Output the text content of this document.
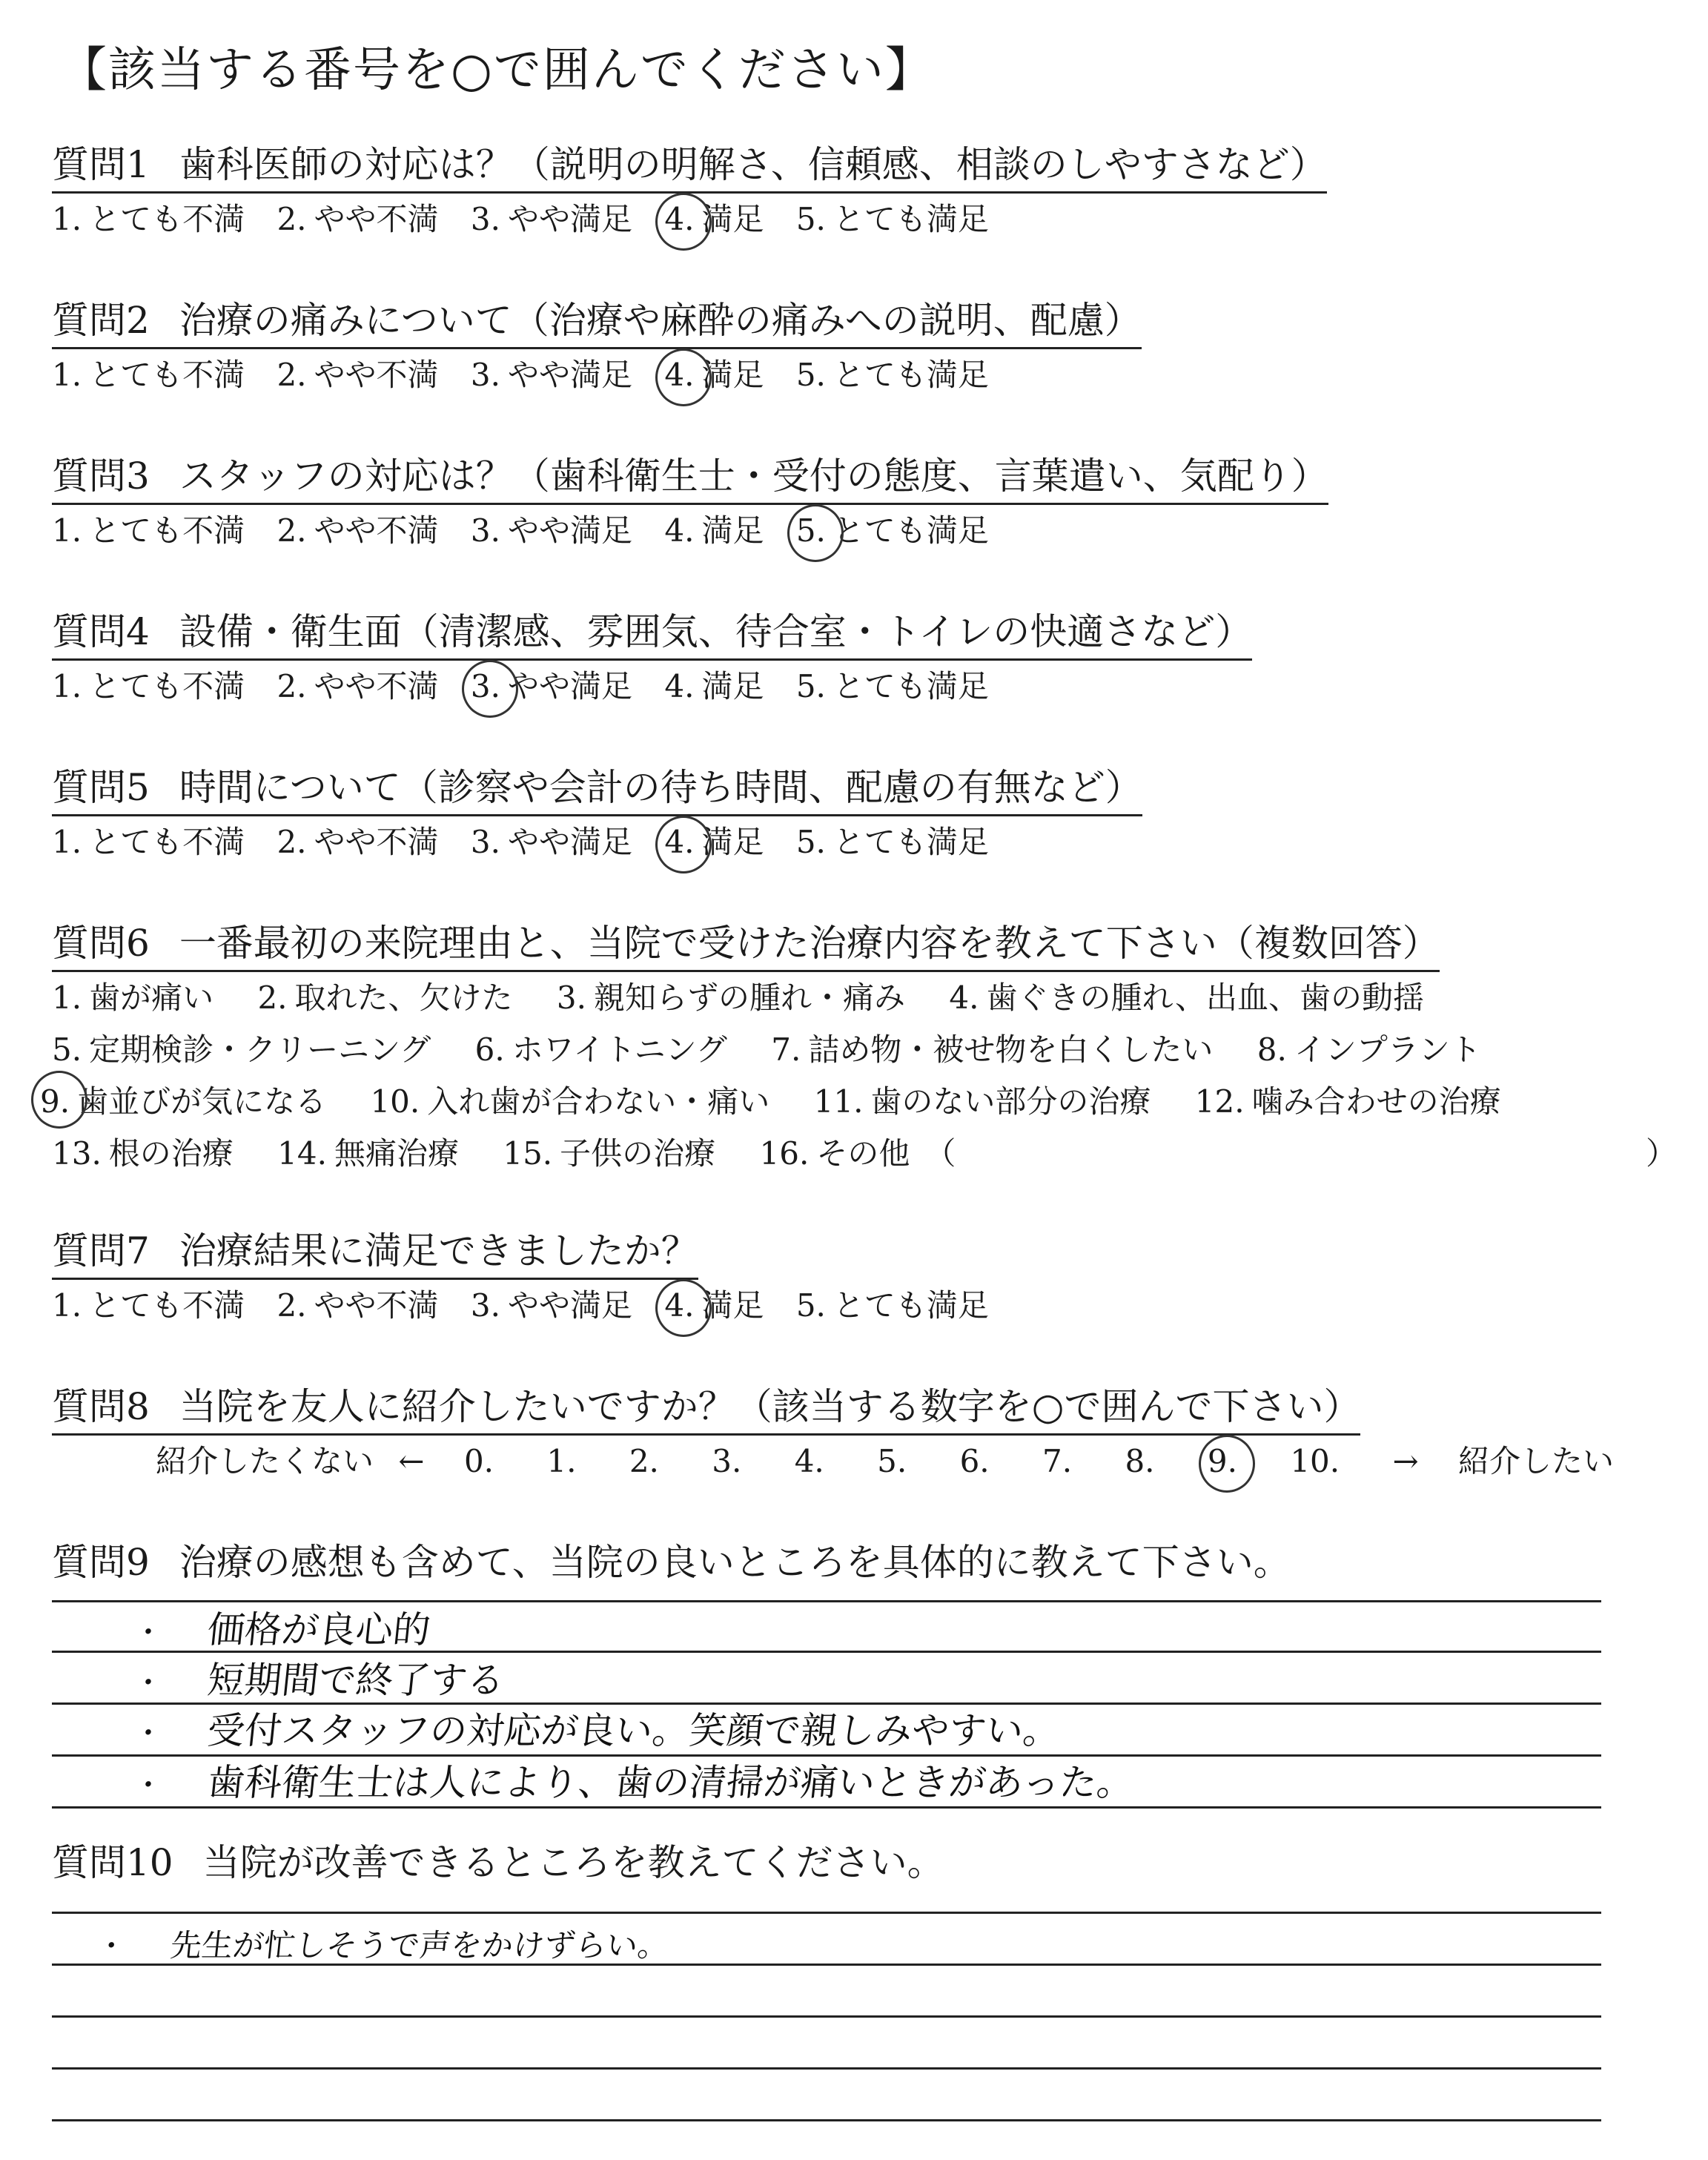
【該当する番号を○で囲んでください】
質問1 歯科医師の対応は？（説明の明解さ、信頼感、相談のしやすさなど）
1. とても不満 2. やや不満 3. やや満足 4. 満足 5. とても満足
質問2 治療の痛みについて（治療や麻酔の痛みへの説明、配慮）
1. とても不満 2. やや不満 3. やや満足 4. 満足 5. とても満足
質問3 スタッフの対応は？（歯科衛生士・受付の態度、言葉遣い、気配り）
1. とても不満 2. やや不満 3. やや満足 4. 満足 5. とても満足
質問4 設備・衛生面（清潔感、雰囲気、待合室・トイレの快適さなど）
1. とても不満 2. やや不満 3. やや満足 4. 満足 5. とても満足
質問5 時間について（診察や会計の待ち時間、配慮の有無など）
1. とても不満 2. やや不満 3. やや満足 4. 満足 5. とても満足
質問6 一番最初の来院理由と、当院で受けた治療内容を教えて下さい（複数回答）
1. 歯が痛い 2. 取れた、欠けた 3. 親知らずの腫れ・痛み 4. 歯ぐきの腫れ、出血、歯の動揺
5. 定期検診・クリーニング 6. ホワイトニング 7. 詰め物・被せ物を白くしたい 8. インプラント
9. 歯並びが気になる 10. 入れ歯が合わない・痛い 11. 歯のない部分の治療 12. 噛み合わせの治療
13. 根の治療 14. 無痛治療 15. 子供の治療 16. その他 （	）
質問7 治療結果に満足できましたか？
1. とても不満 2. やや不満 3. やや満足 4. 満足 5. とても満足
質問8 当院を友人に紹介したいですか？（該当する数字を○で囲んで下さい）
紹介したくない ← 0. 1. 2. 3. 4. 5. 6. 7. 8. 9. 10. → 紹介したい
質問9 治療の感想も含めて、当院の良いところを具体的に教えて下さい。
・ 価格が良心的
・ 短期間で終了する
・ 受付スタッフの対応が良い。笑顔で親しみやすい。
・ 歯科衛生士は人により、歯の清掃が痛いときがあった。
質問10 当院が改善できるところを教えてください。
・ 先生が忙しそうで声をかけずらい。
